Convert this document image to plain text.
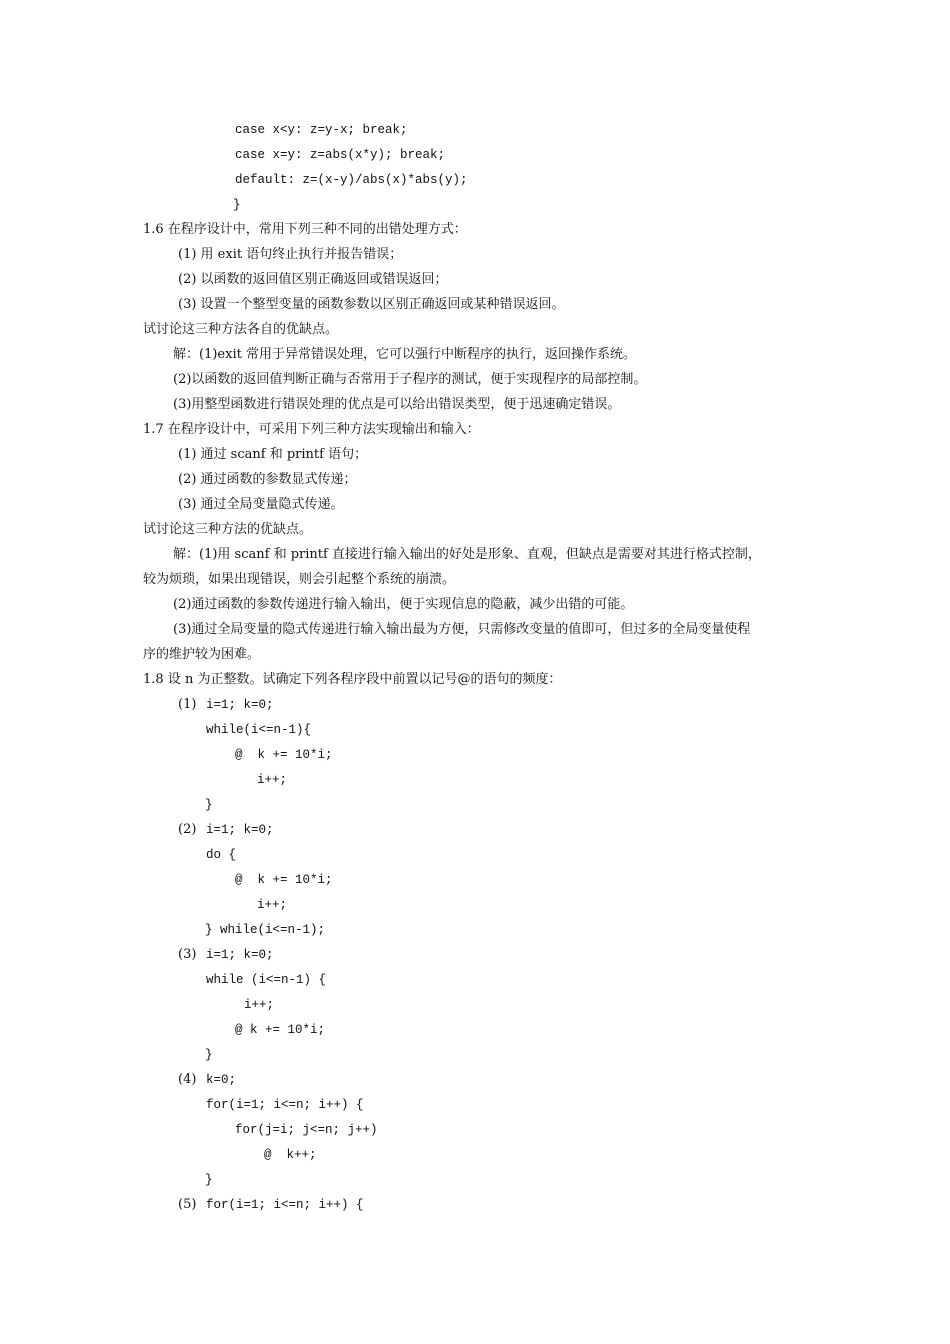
case x<y: z=y-x; break;
case x=y: z=abs(x*y); break;
default: z=(x-y)/abs(x)*abs(y);
}
1.6 在程序设计中，常用下列三种不同的出错处理方式：
(1) 用 exit 语句终止执行并报告错误；
(2) 以函数的返回值区别正确返回或错误返回；
(3) 设置一个整型变量的函数参数以区别正确返回或某种错误返回。
试讨论这三种方法各自的优缺点。
解：(1)exit 常用于异常错误处理，它可以强行中断程序的执行，返回操作系统。
(2)以函数的返回值判断正确与否常用于子程序的测试，便于实现程序的局部控制。
(3)用整型函数进行错误处理的优点是可以给出错误类型，便于迅速确定错误。
1.7 在程序设计中，可采用下列三种方法实现输出和输入：
(1) 通过 scanf 和 printf 语句；
(2) 通过函数的参数显式传递；
(3) 通过全局变量隐式传递。
试讨论这三种方法的优缺点。
解：(1)用 scanf 和 printf 直接进行输入输出的好处是形象、直观，但缺点是需要对其进行格式控制，
较为烦琐，如果出现错误，则会引起整个系统的崩溃。
(2)通过函数的参数传递进行输入输出，便于实现信息的隐蔽，减少出错的可能。
(3)通过全局变量的隐式传递进行输入输出最为方便，只需修改变量的值即可，但过多的全局变量使程
序的维护较为困难。
1.8 设 n 为正整数。试确定下列各程序段中前置以记号@的语句的频度：
(1) i=1; k=0;
while(i<=n-1){
@  k += 10*i;
i++;
}
(2) i=1; k=0;
do {
@  k += 10*i;
i++;
} while(i<=n-1);
(3) i=1; k=0;
while (i<=n-1) {
i++;
@ k += 10*i;
}
(4) k=0;
for(i=1; i<=n; i++) {
for(j=i; j<=n; j++)
@  k++;
}
(5) for(i=1; i<=n; i++) {
